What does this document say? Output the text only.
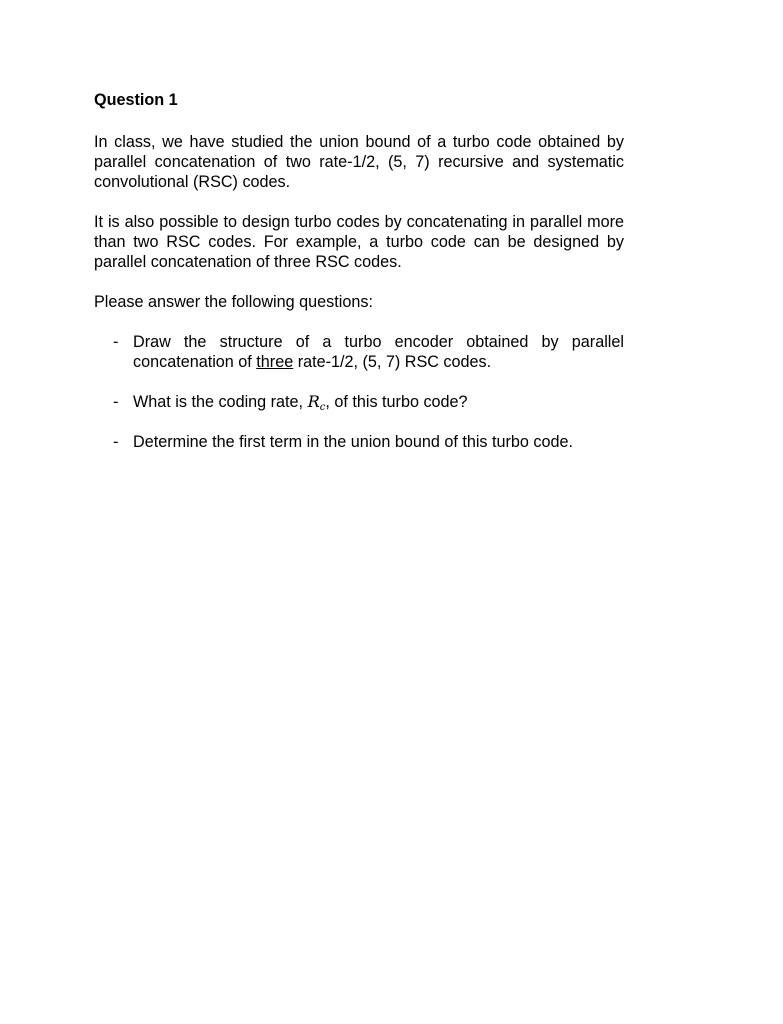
Question 1

In class, we have studied the union bound of a turbo code obtained by parallel concatenation of two rate-1/2, (5, 7) recursive and systematic convolutional (RSC) codes.

It is also possible to design turbo codes by concatenating in parallel more than two RSC codes. For example, a turbo code can be designed by parallel concatenation of three RSC codes.

Please answer the following questions:

- Draw the structure of a turbo encoder obtained by parallel concatenation of three rate-1/2, (5, 7) RSC codes.
- What is the coding rate, $R_c$, of this turbo code?
- Determine the first term in the union bound of this turbo code.
